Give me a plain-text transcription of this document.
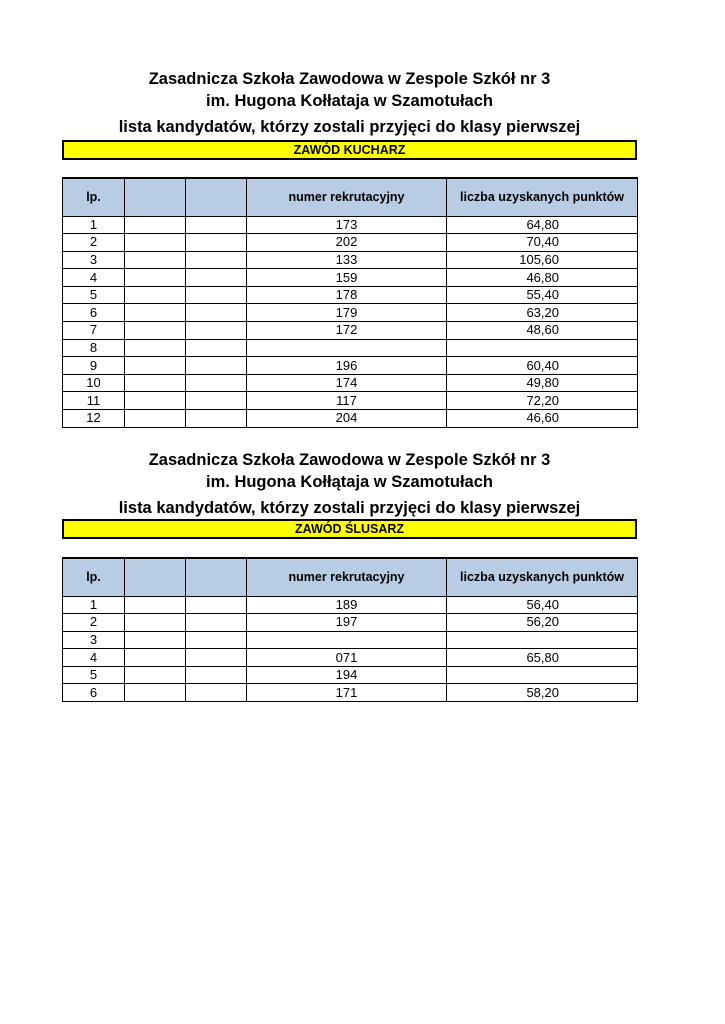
Zasadnicza Szkoła Zawodowa w Zespole Szkół nr 3
im. Hugona Kołłataja w Szamotułach
lista kandydatów, którzy zostali przyjęci do klasy pierwszej
ZAWÓD KUCHARZ
lp.			numer rekrutacyjny	liczba uzyskanych punktów
1			173	64,80
2			202	70,40
3			133	105,60
4			159	46,80
5			178	55,40
6			179	63,20
7			172	48,60
8				
9			196	60,40
10			174	49,80
11			117	72,20
12			204	46,60
Zasadnicza Szkoła Zawodowa w Zespole Szkół nr 3
im. Hugona Kołłątaja w Szamotułach
lista kandydatów, którzy zostali przyjęci do klasy pierwszej
ZAWÓD ŚLUSARZ
lp.			numer rekrutacyjny	liczba uzyskanych punktów
1			189	56,40
2			197	56,20
3				
4			071	65,80
5			194	
6			171	58,20
